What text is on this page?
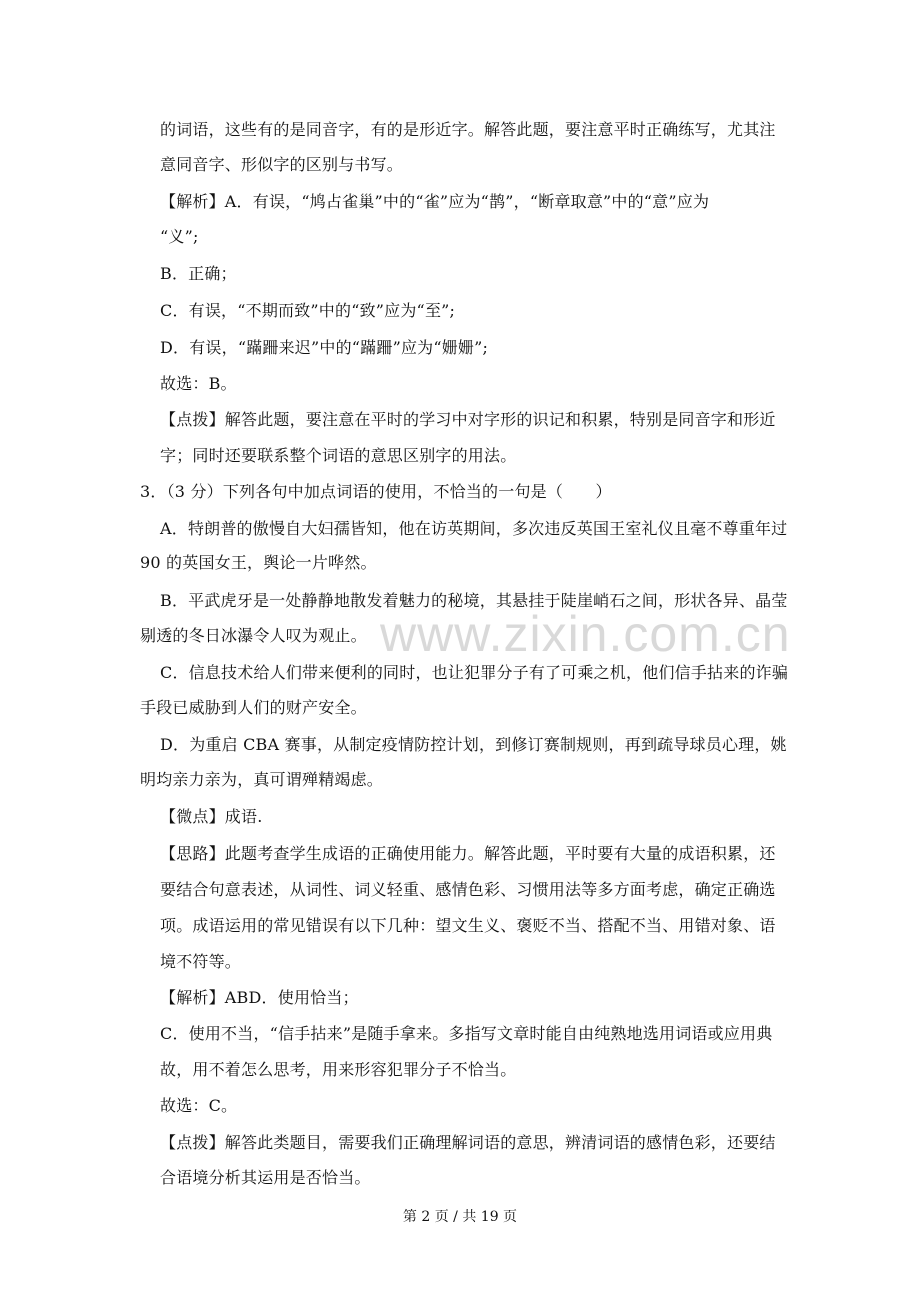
的词语，这些有的是同音字，有的是形近字。解答此题，要注意平时正确练写，尤其注
意同音字、形似字的区别与书写。
【解析】A．有误，“鸠占雀巢”中的“雀”应为“鹊”，“断章取意”中的“意”应为
“义”;
B．正确；
C．有误，“不期而致”中的“致”应为“至”;
D．有误，“蹣跚来迟”中的“蹣跚”应为“姗姗”;
故选：B。
【点拨】解答此题，要注意在平时的学习中对字形的识记和积累，特别是同音字和形近
字；同时还要联系整个词语的意思区别字的用法。
3．（3 分）下列各句中加点词语的使用，不恰当的一句是（　　）
A．特朗普的傲慢自大妇孺皆知，他在访英期间，多次违反英国王室礼仪且毫不尊重年过
90 的英国女王，舆论一片哗然。
B．平武虎牙是一处静静地散发着魅力的秘境，其悬挂于陡崖峭石之间，形状各异、晶莹
剔透的冬日冰瀑令人叹为观止。
C．信息技术给人们带来便利的同时，也让犯罪分子有了可乘之机，他们信手拈来的诈骗
手段已威胁到人们的财产安全。
D．为重启 CBA 赛事，从制定疫情防控计划，到修订赛制规则，再到疏导球员心理，姚
明均亲力亲为，真可谓殚精竭虑。
【微点】成语.
【思路】此题考查学生成语的正确使用能力。解答此题，平时要有大量的成语积累，还
要结合句意表述，从词性、词义轻重、感情色彩、习惯用法等多方面考虑，确定正确选
项。成语运用的常见错误有以下几种：望文生义、褒贬不当、搭配不当、用错对象、语
境不符等。
【解析】ABD．使用恰当；
C．使用不当，“信手拈来”是随手拿来。多指写文章时能自由纯熟地选用词语或应用典
故，用不着怎么思考，用来形容犯罪分子不恰当。
故选：C。
【点拨】解答此类题目，需要我们正确理解词语的意思，辨清词语的感情色彩，还要结
合语境分析其运用是否恰当。
www.zixin.com.cn
第 2 页 / 共 19 页
